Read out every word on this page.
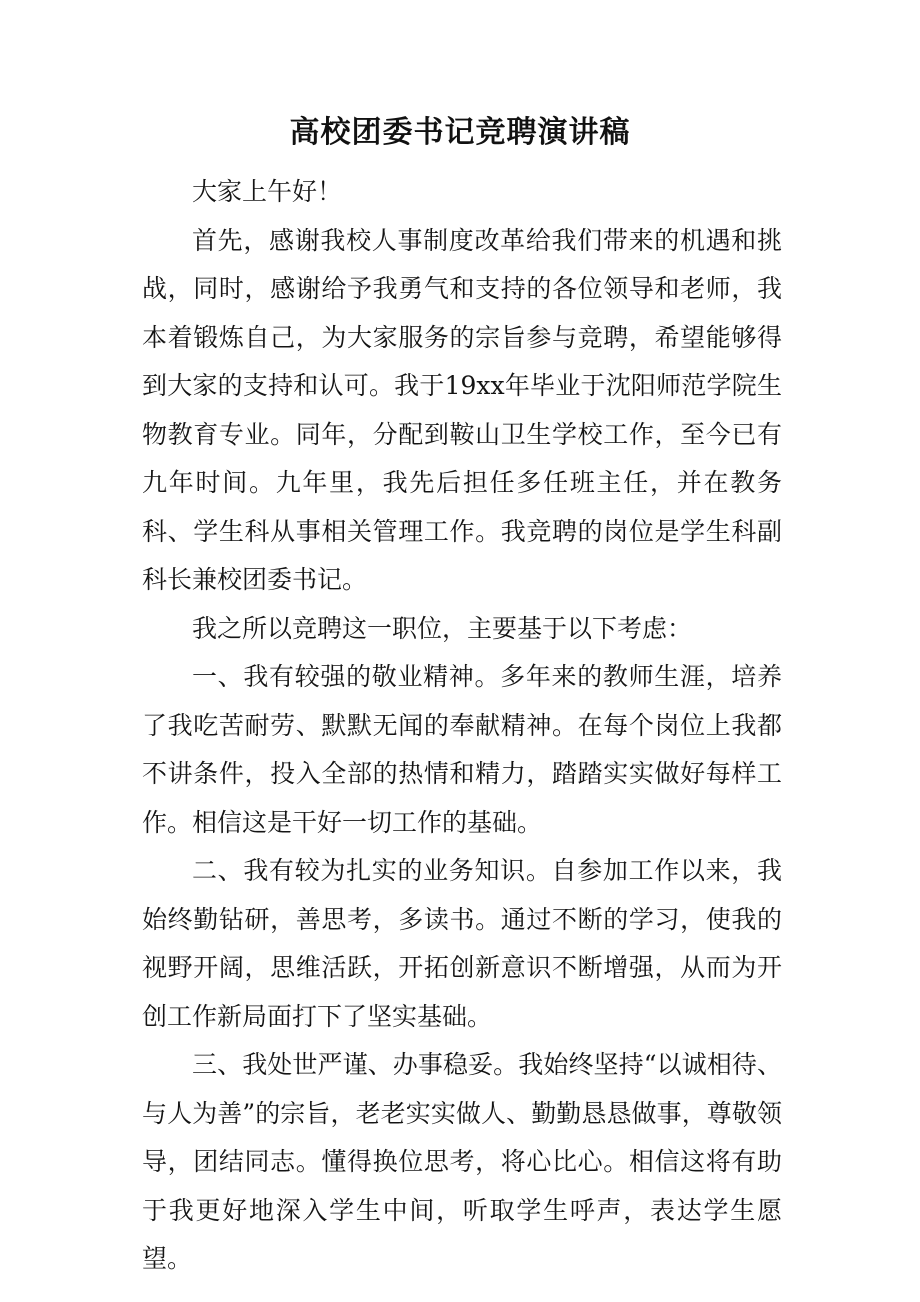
高校团委书记竞聘演讲稿

大家上午好！

首先，感谢我校人事制度改革给我们带来的机遇和挑战，同时，感谢给予我勇气和支持的各位领导和老师，我本着锻炼自己，为大家服务的宗旨参与竞聘，希望能够得到大家的支持和认可。我于19xx年毕业于沈阳师范学院生物教育专业。同年，分配到鞍山卫生学校工作，至今已有九年时间。九年里，我先后担任多任班主任，并在教务科、学生科从事相关管理工作。我竞聘的岗位是学生科副科长兼校团委书记。

我之所以竞聘这一职位，主要基于以下考虑：

一、我有较强的敬业精神。多年来的教师生涯，培养了我吃苦耐劳、默默无闻的奉献精神。在每个岗位上我都不讲条件，投入全部的热情和精力，踏踏实实做好每样工作。相信这是干好一切工作的基础。

二、我有较为扎实的业务知识。自参加工作以来，我始终勤钻研，善思考，多读书。通过不断的学习，使我的视野开阔，思维活跃，开拓创新意识不断增强，从而为开创工作新局面打下了坚实基础。

三、我处世严谨、办事稳妥。我始终坚持“以诚相待、与人为善”的宗旨，老老实实做人、勤勤恳恳做事，尊敬领导，团结同志。懂得换位思考，将心比心。相信这将有助于我更好地深入学生中间，听取学生呼声，表达学生愿望。
